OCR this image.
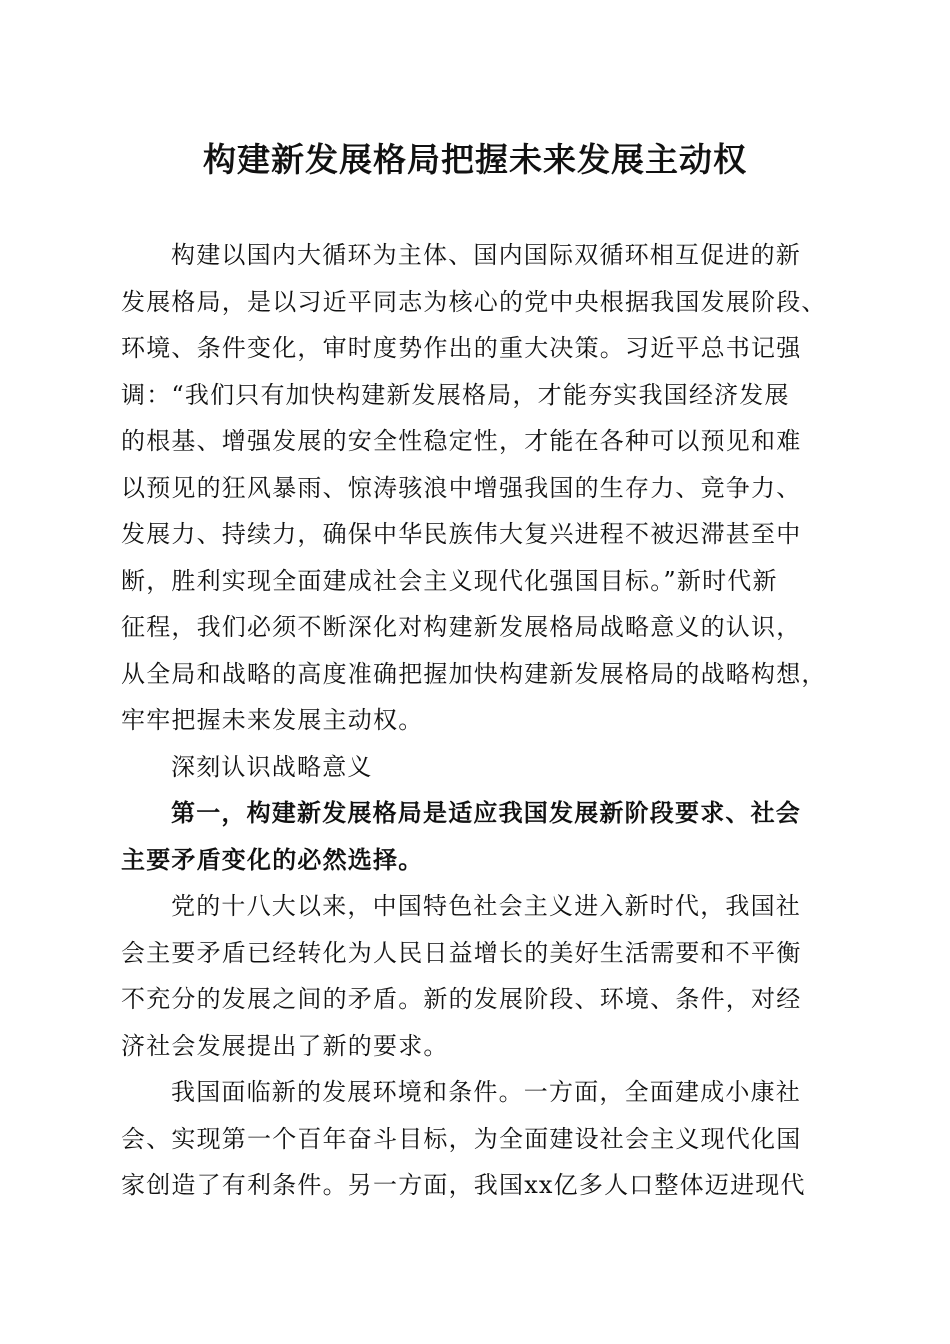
构建新发展格局把握未来发展主动权
构建以国内大循环为主体、国内国际双循环相互促进的新
发展格局，是以习近平同志为核心的党中央根据我国发展阶段、
环境、条件变化，审时度势作出的重大决策。习近平总书记强
调：“我们只有加快构建新发展格局，才能夯实我国经济发展
的根基、增强发展的安全性稳定性，才能在各种可以预见和难
以预见的狂风暴雨、惊涛骇浪中增强我国的生存力、竞争力、
发展力、持续力，确保中华民族伟大复兴进程不被迟滞甚至中
断，胜利实现全面建成社会主义现代化强国目标。”新时代新
征程，我们必须不断深化对构建新发展格局战略意义的认识，
从全局和战略的高度准确把握加快构建新发展格局的战略构想，
牢牢把握未来发展主动权。
深刻认识战略意义
第一，构建新发展格局是适应我国发展新阶段要求、社会
主要矛盾变化的必然选择。
党的十八大以来，中国特色社会主义进入新时代，我国社
会主要矛盾已经转化为人民日益增长的美好生活需要和不平衡
不充分的发展之间的矛盾。新的发展阶段、环境、条件，对经
济社会发展提出了新的要求。
我国面临新的发展环境和条件。一方面，全面建成小康社
会、实现第一个百年奋斗目标，为全面建设社会主义现代化国
家创造了有利条件。另一方面，我国xx亿多人口整体迈进现代
